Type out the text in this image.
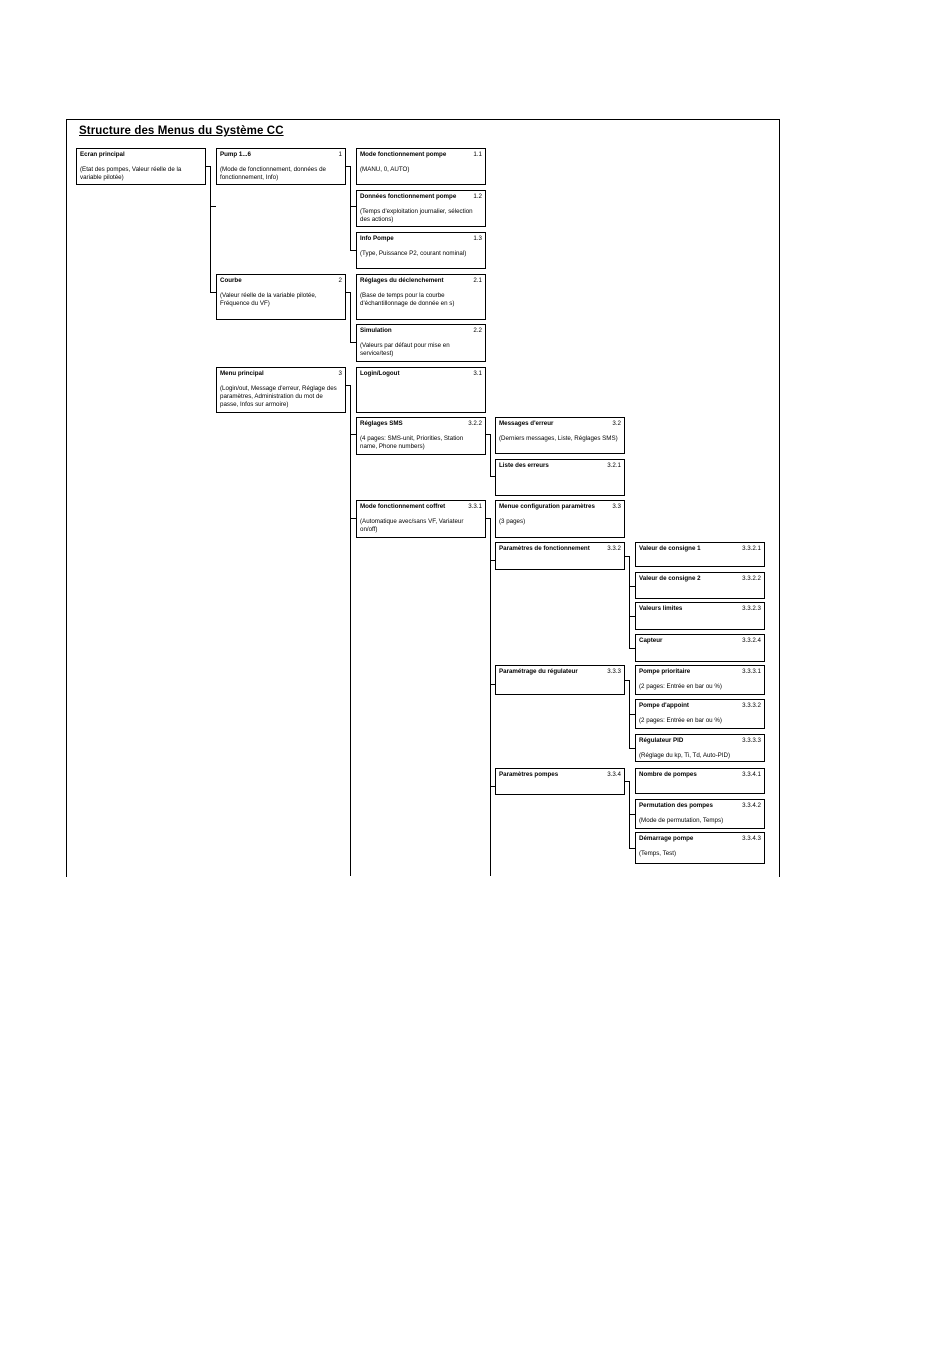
Structure des Menus du Système CC
Ecran principal
(Etat des pompes, Valeur réelle de la variable pilotée)
Pump 1...6	1
(Mode de fonctionnement, données de fonctionnement, Info)
Mode fonctionnement pompe	1.1
(MANU, 0, AUTO)
Données fonctionnement pompe	1.2
(Temps d'exploitation journalier, sélection des actions)
Info Pompe	1.3
(Type, Puissance P2, courant nominal)
Courbe	2
(Valeur réelle de la variable pilotée, Fréquence du VF)
Réglages du déclenchement	2.1
(Base de temps pour la courbe d'échantillonnage de donnée en s)
Simulation	2.2
(Valeurs par défaut pour mise en service/test)
Menu principal	3
(Login/out, Message d'erreur, Réglage des paramètres, Administration du mot de passe, Infos sur armoire)
Login/Logout	3.1
Messages d'erreur	3.2
(Derniers messages, Liste, Réglages SMS)
Liste des erreurs	3.2.1
Réglages SMS	3.2.2
(4 pages: SMS-unit, Priorities, Station name, Phone numbers)
Menue configuration paramètres	3.3
(3 pages)
Mode fonctionnement coffret	3.3.1
(Automatique avec/sans VF, Variateur on/off)
Paramètres de fonctionnement	3.3.2	Valeur de consigne 1	3.3.2.1
Valeur de consigne 2	3.3.2.2
Valeurs limites	3.3.2.3
Capteur	3.3.2.4
Paramétrage du régulateur	3.3.3	Pompe prioritaire	3.3.3.1
(2 pages: Entrée en bar ou %)
Pompe d'appoint	3.3.3.2
(2 pages: Entrée en bar ou %)
Régulateur PID	3.3.3.3
(Réglage du kp, Ti, Td, Auto-PID)
Paramètres pompes	3.3.4	Nombre de pompes	3.3.4.1
Permutation des pompes	3.3.4.2
(Mode de permutation, Temps)
Démarrage pompe	3.3.4.3
(Temps, Test)
